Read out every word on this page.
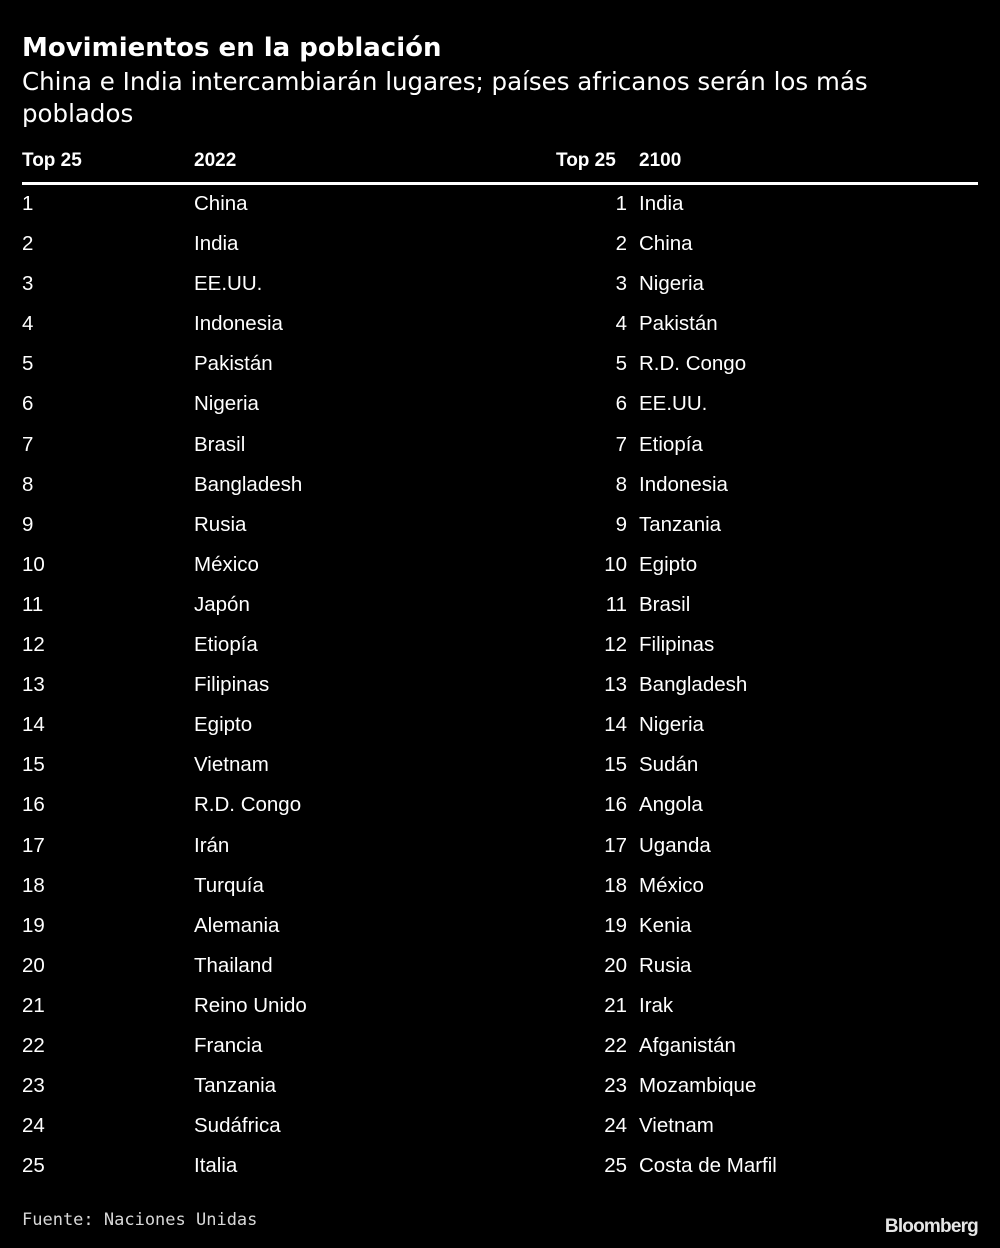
Movimientos en la población
China e India intercambiarán lugares; países africanos serán los más poblados
Top 25	2022	Top 25 2100
1	China	1 India
2	India	2 China
3	EE.UU.	3 Nigeria
4	Indonesia	4 Pakistán
5	Pakistán	5 R.D. Congo
6	Nigeria	6 EE.UU.
7	Brasil	7 Etiopía
8	Bangladesh	8 Indonesia
9	Rusia	9 Tanzania
10	México	10 Egipto
11	Japón	11 Brasil
12	Etiopía	12 Filipinas
13	Filipinas	13 Bangladesh
14	Egipto	14 Nigeria
15	Vietnam	15 Sudán
16	R.D. Congo	16 Angola
17	Irán	17 Uganda
18	Turquía	18 México
19	Alemania	19 Kenia
20	Thailand	20 Rusia
21	Reino Unido	21 Irak
22	Francia	22 Afganistán
23	Tanzania	23 Mozambique
24	Sudáfrica	24 Vietnam
25	Italia	25 Costa de Marfil
Fuente: Naciones Unidas	Bloomberg
